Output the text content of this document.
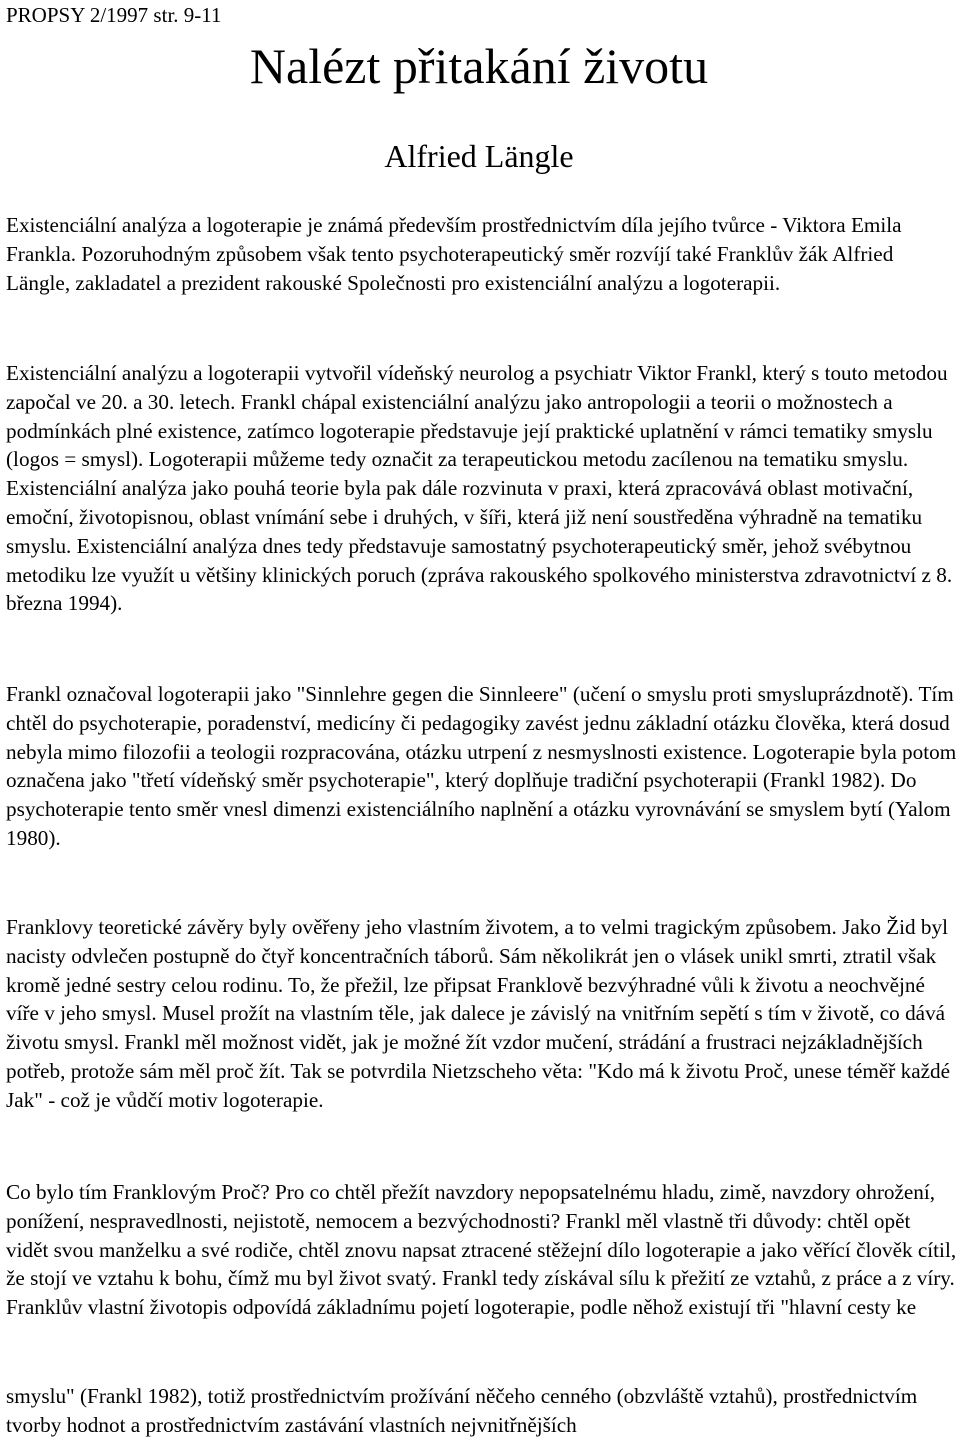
PROPSY 2/1997 str. 9-11
Nalézt přitakání životu
Alfried Längle

Existenciální analýza a logoterapie je známá především prostřednictvím díla jejího tvůrce - Viktora Emila Frankla. Pozoruhodným způsobem však tento psychoterapeutický směr rozvíjí také Franklův žák Alfried Längle, zakladatel a prezident rakouské Společnosti pro existenciální analýzu a logoterapii.

Existenciální analýzu a logoterapii vytvořil vídeňský neurolog a psychiatr Viktor Frankl, který s touto metodou započal ve 20. a 30. letech. Frankl chápal existenciální analýzu jako antropologii a teorii o možnostech a podmínkách plné existence, zatímco logoterapie představuje její praktické uplatnění v rámci tematiky smyslu (logos = smysl). Logoterapii můžeme tedy označit za terapeutickou metodu zacílenou na tematiku smyslu. Existenciální analýza jako pouhá teorie byla pak dále rozvinuta v praxi, která zpracovává oblast motivační, emoční, životopisnou, oblast vnímání sebe i druhých, v šíři, která již není soustředěna výhradně na tematiku smyslu. Existenciální analýza dnes tedy představuje samostatný psychoterapeutický směr, jehož svébytnou metodiku lze využít u většiny klinických poruch (zpráva rakouského spolkového ministerstva zdravotnictví z 8. března 1994).

Frankl označoval logoterapii jako "Sinnlehre gegen die Sinnleere" (učení o smyslu proti smysluprázdnotě). Tím chtěl do psychoterapie, poradenství, medicíny či pedagogiky zavést jednu základní otázku člověka, která dosud nebyla mimo filozofii a teologii rozpracována, otázku utrpení z nesmyslnosti existence. Logoterapie byla potom označena jako "třetí vídeňský směr psychoterapie", který doplňuje tradiční psychoterapii (Frankl 1982). Do psychoterapie tento směr vnesl dimenzi existenciálního naplnění a otázku vyrovnávání se smyslem bytí (Yalom 1980).

Franklovy teoretické závěry byly ověřeny jeho vlastním životem, a to velmi tragickým způsobem. Jako Žid byl nacisty odvlečen postupně do čtyř koncentračních táborů. Sám několikrát jen o vlásek unikl smrti, ztratil však kromě jedné sestry celou rodinu. To, že přežil, lze připsat Franklově bezvýhradné vůli k životu a neochvějné víře v jeho smysl. Musel prožít na vlastním těle, jak dalece je závislý na vnitřním sepětí s tím v životě, co dává životu smysl. Frankl měl možnost vidět, jak je možné žít vzdor mučení, strádání a frustraci nejzákladnějších potřeb, protože sám měl proč žít. Tak se potvrdila Nietzscheho věta: "Kdo má k životu Proč, unese téměř každé Jak" - což je vůdčí motiv logoterapie.

Co bylo tím Franklovým Proč? Pro co chtěl přežít navzdory nepopsatelnému hladu, zimě, navzdory ohrožení, ponížení, nespravedlnosti, nejistotě, nemocem a bezvýchodnosti? Frankl měl vlastně tři důvody: chtěl opět vidět svou manželku a své rodiče, chtěl znovu napsat ztracené stěžejní dílo logoterapie a jako věřící člověk cítil, že stojí ve vztahu k bohu, čímž mu byl život svatý. Frankl tedy získával sílu k přežití ze vztahů, z práce a z víry. Franklův vlastní životopis odpovídá základnímu pojetí logoterapie, podle něhož existují tři "hlavní cesty ke

smyslu" (Frankl 1982), totiž prostřednictvím prožívání něčeho cenného (obzvláště vztahů), prostřednictvím tvorby hodnot a prostřednictvím zastávání vlastních nejvnitřnějších
